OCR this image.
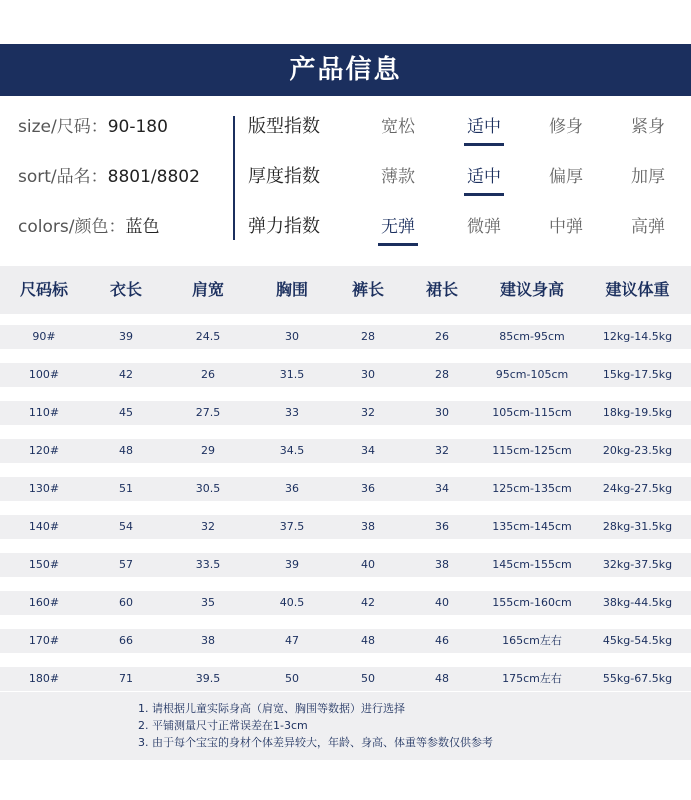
产品信息
size/尺码：90-180	版型指数	宽松	适中	修身	紧身
sort/品名：8801/8802	厚度指数	薄款	适中	偏厚	加厚
colors/颜色：蓝色	弹力指数	无弹	微弹	中弹	高弹
尺码标	衣长	肩宽	胸围	裤长	裙长	建议身高	建议体重
90#	39	24.5	30	28	26	85cm-95cm	12kg-14.5kg
100#	42	26	31.5	30	28	95cm-105cm	15kg-17.5kg
110#	45	27.5	33	32	30	105cm-115cm	18kg-19.5kg
120#	48	29	34.5	34	32	115cm-125cm	20kg-23.5kg
130#	51	30.5	36	36	34	125cm-135cm	24kg-27.5kg
140#	54	32	37.5	38	36	135cm-145cm	28kg-31.5kg
150#	57	33.5	39	40	38	145cm-155cm	32kg-37.5kg
160#	60	35	40.5	42	40	155cm-160cm	38kg-44.5kg
170#	66	38	47	48	46	165cm左右	45kg-54.5kg
180#	71	39.5	50	50	48	175cm左右	55kg-67.5kg
1. 请根据儿童实际身高（肩宽、胸围等数据）进行选择
2. 平铺测量尺寸正常误差在1-3cm
3. 由于每个宝宝的身材个体差异较大，年龄、身高、体重等参数仅供参考
